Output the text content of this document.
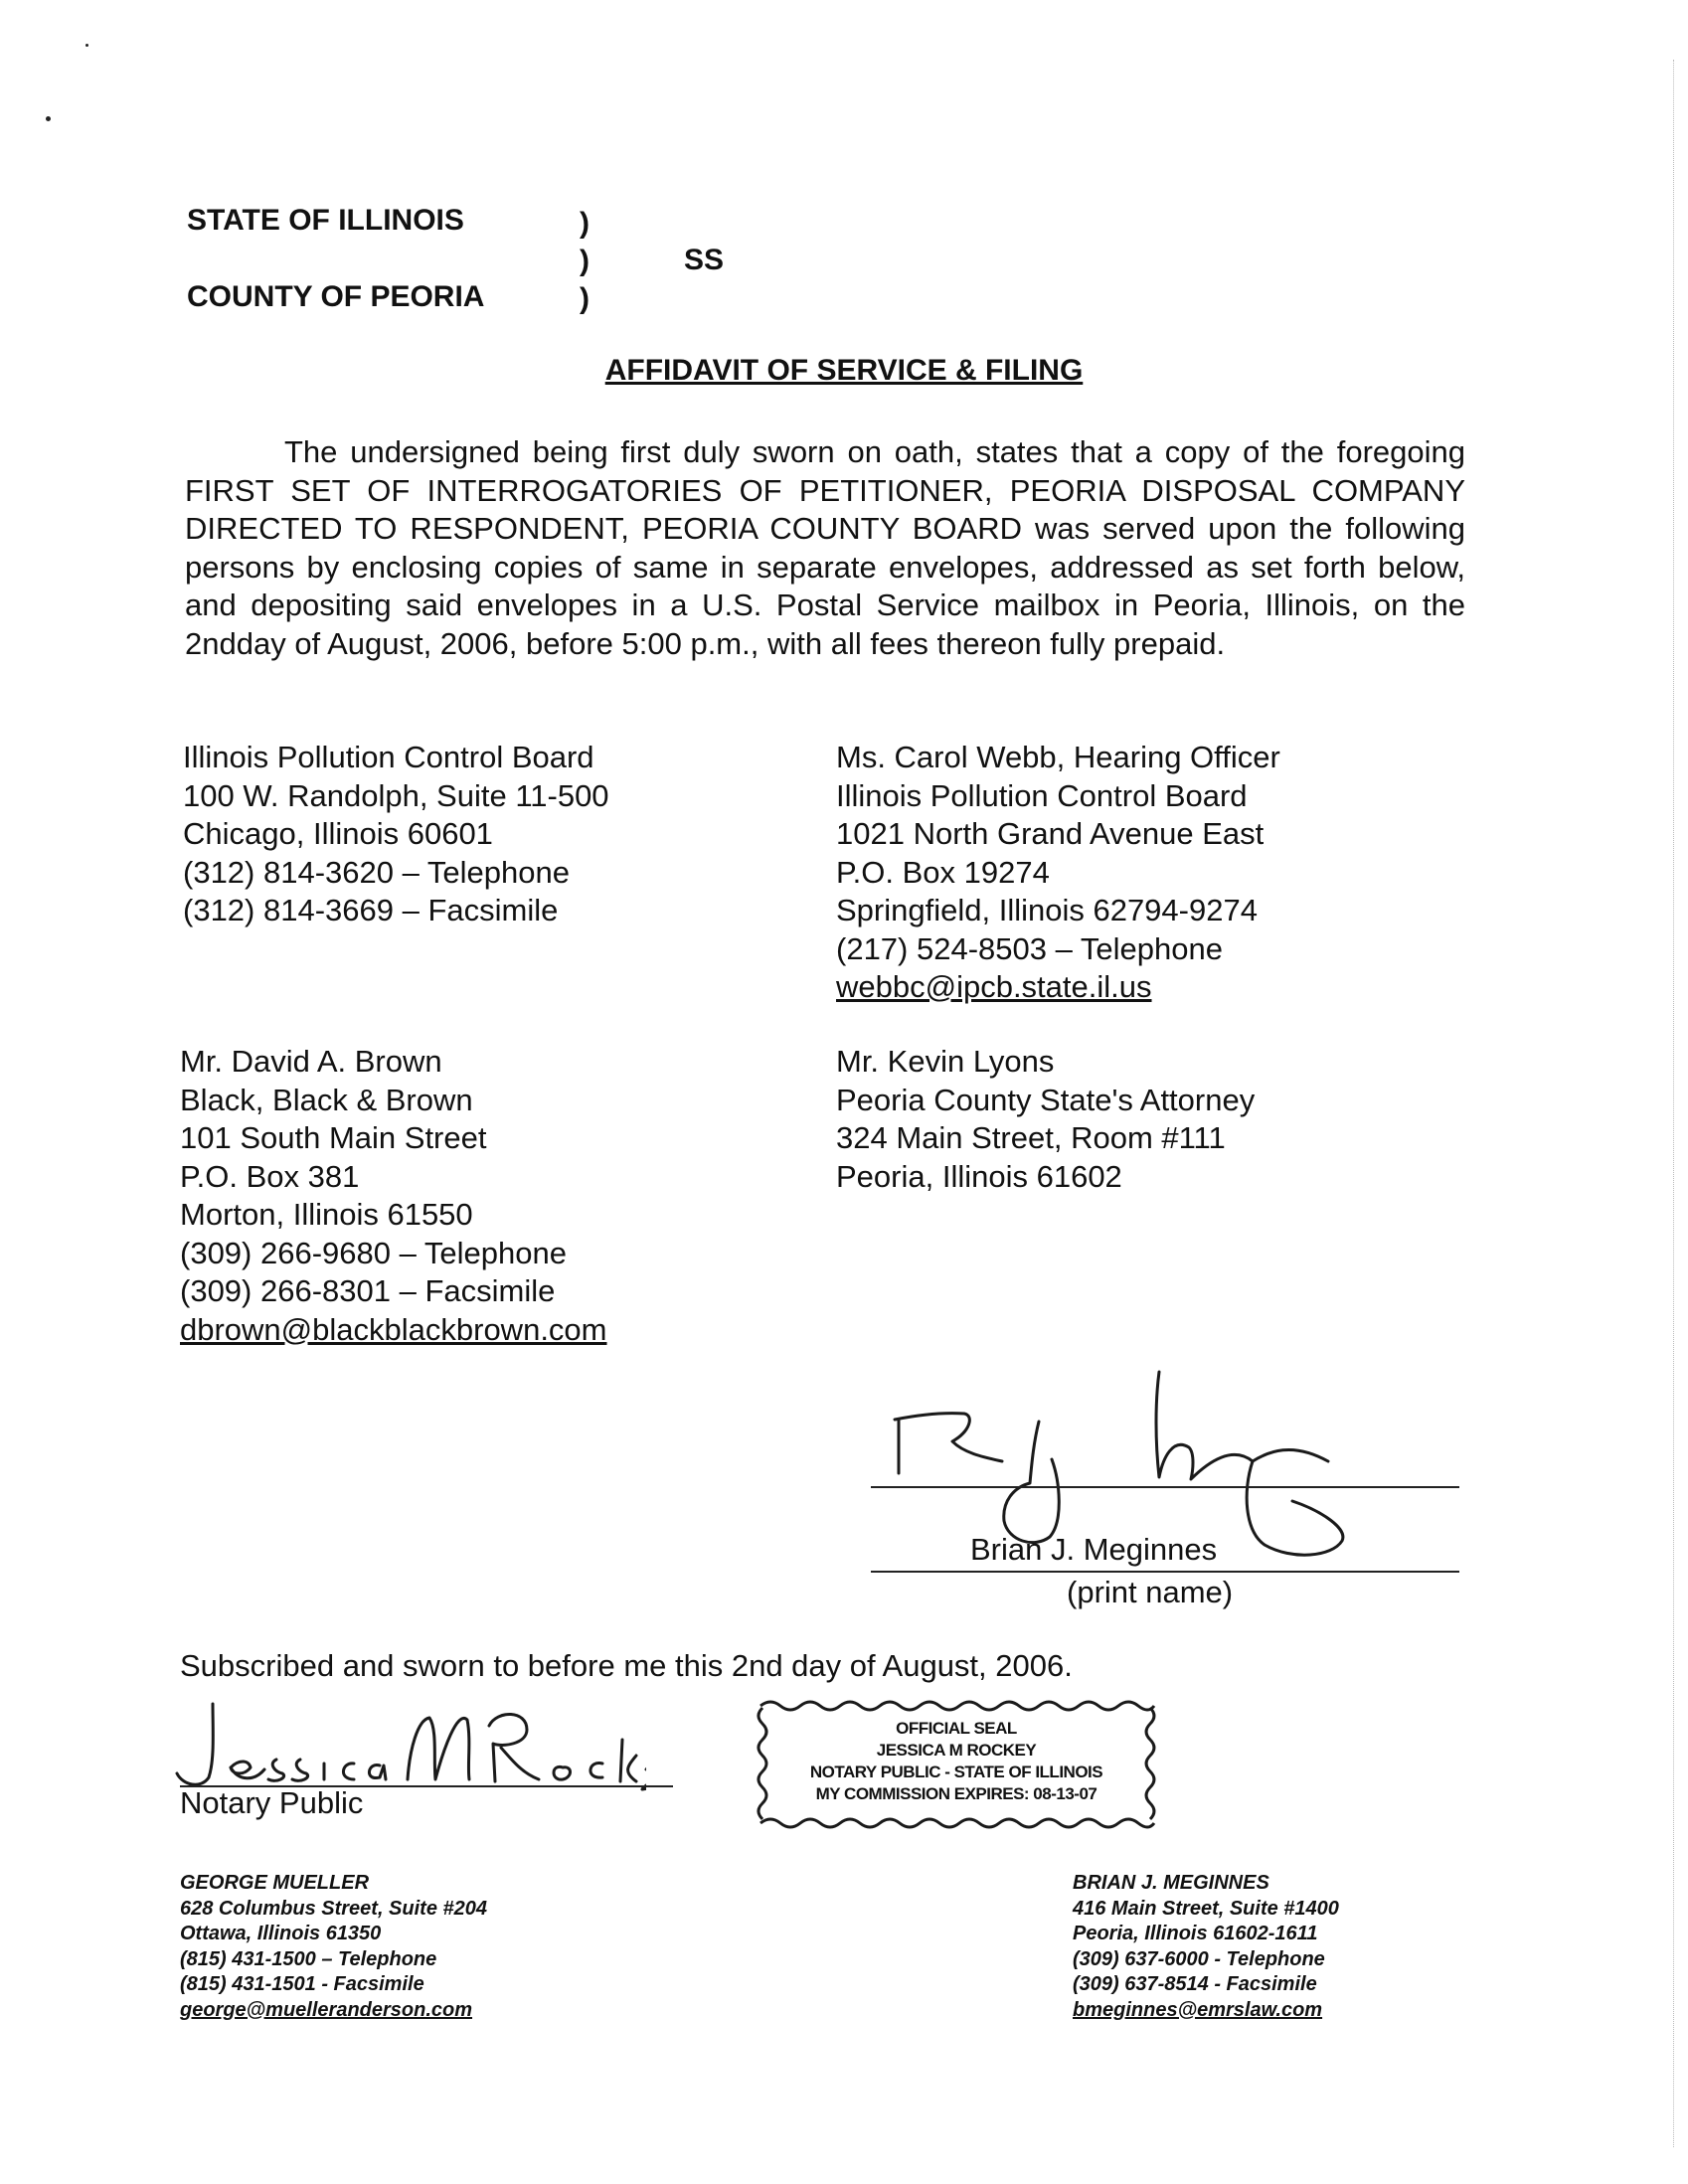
STATE OF ILLINOIS
COUNTY OF PEORIA
)
)
)
SS
AFFIDAVIT OF SERVICE & FILING

The undersigned being first duly sworn on oath, states that a copy of the foregoing FIRST SET OF INTERROGATORIES OF PETITIONER, PEORIA DISPOSAL COMPANY DIRECTED TO RESPONDENT, PEORIA COUNTY BOARD was served upon the following persons by enclosing copies of same in separate envelopes, addressed as set forth below, and depositing said envelopes in a U.S. Postal Service mailbox in Peoria, Illinois, on the 2ndday of August, 2006, before 5:00 p.m., with all fees thereon fully prepaid.

Illinois Pollution Control Board
100 W. Randolph, Suite 11-500
Chicago, Illinois 60601
(312) 814-3620 – Telephone
(312) 814-3669 – Facsimile
Ms. Carol Webb, Hearing Officer
Illinois Pollution Control Board
1021 North Grand Avenue East
P.O. Box 19274
Springfield, Illinois 62794-9274
(217) 524-8503 – Telephone
webbc@ipcb.state.il.us
Mr. David A. Brown
Black, Black & Brown
101 South Main Street
P.O. Box 381
Morton, Illinois 61550
(309) 266-9680 – Telephone
(309) 266-8301 – Facsimile
dbrown@blackblackbrown.com
Mr. Kevin Lyons
Peoria County State's Attorney
324 Main Street, Room #111
Peoria, Illinois 61602
Brian J. Meginnes
(print name)
Subscribed and sworn to before me this 2nd day of August, 2006.
Notary Public
OFFICIAL SEAL
JESSICA M ROCKEY
NOTARY PUBLIC - STATE OF ILLINOIS
MY COMMISSION EXPIRES: 08-13-07
GEORGE MUELLER
628 Columbus Street, Suite #204
Ottawa, Illinois 61350
(815) 431-1500 – Telephone
(815) 431-1501 - Facsimile
george@muelleranderson.com
BRIAN J. MEGINNES
416 Main Street, Suite #1400
Peoria, Illinois 61602-1611
(309) 637-6000 - Telephone
(309) 637-8514 - Facsimile
bmeginnes@emrslaw.com
